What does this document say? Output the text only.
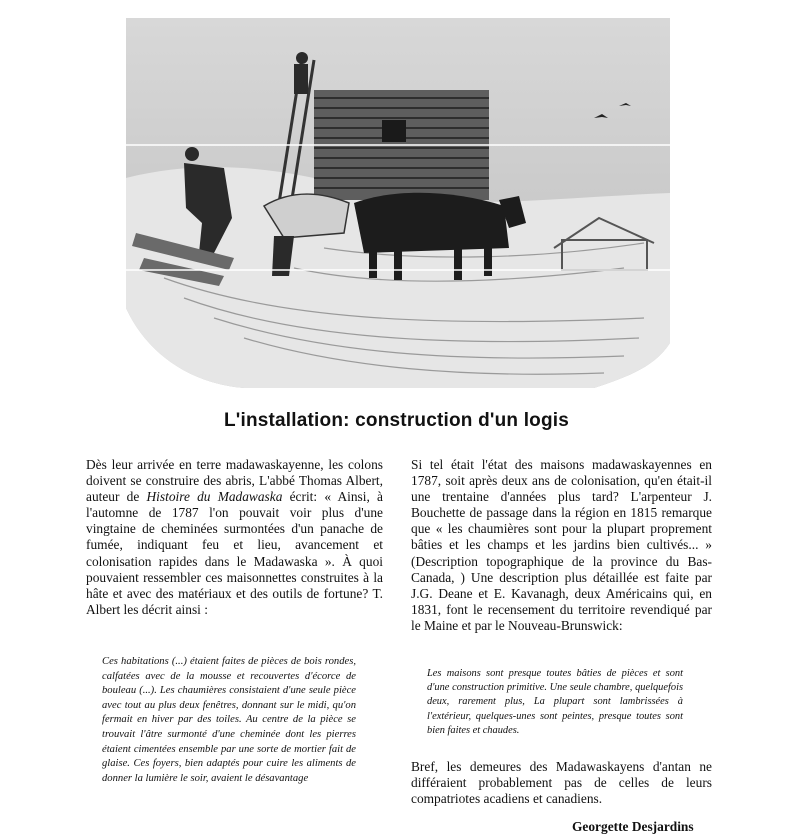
L'installation: construction d'un logis

Dès leur arrivée en terre madawaskayenne, les colons doivent se construire des abris, L'abbé Thomas Albert, auteur de Histoire du Madawaska écrit: « Ainsi, à l'automne de 1787 l'on pouvait voir plus d'une vingtaine de cheminées surmontées d'un panache de fumée, indiquant feu et lieu, avancement et colonisation rapides dans le Madawaska ». À quoi pouvaient ressembler ces maisonnettes construites à la hâte et avec des matériaux et des outils de fortune? T. Albert les décrit ainsi :

Ces habitations (...) étaient faites de pièces de bois rondes, calfatées avec de la mousse et recouvertes d'écorce de bouleau (...). Les chaumières consistaient d'une seule pièce avec tout au plus deux fenêtres, donnant sur le midi, qu'on fermait en hiver par des toiles. Au centre de la pièce se trouvait l'âtre surmonté d'une cheminée dont les pierres étaient cimentées ensemble par une sorte de mortier fait de glaise. Ces foyers, bien adaptés pour cuire les aliments de donner la lumière le soir, avaient le désavantage

Si tel était l'état des maisons madawaskayennes en 1787, soit après deux ans de colonisation, qu'en était-il une trentaine d'années plus tard? L'arpenteur J. Bouchette de passage dans la région en 1815 remarque que « les chaumières sont pour la plupart proprement bâties et les champs et les jardins bien cultivés... » (Description topographique de la province du Bas-Canada, ) Une description plus détaillée est faite par J.G. Deane et E. Kavanagh, deux Américains qui, en 1831, font le recensement du territoire revendiqué par le Maine et par le Nouveau-Brunswick:

Les maisons sont presque toutes bâties de pièces et sont d'une construction primitive. Une seule chambre, quelquefois deux, rarement plus, La plupart sont lambrissées à l'extérieur, quelques-unes sont peintes, presque toutes sont bien faites et chaudes.

Bref, les demeures des Madawaskayens d'antan ne différaient probablement pas de celles de leurs compatriotes acadiens et canadiens.

Georgette Desjardins
